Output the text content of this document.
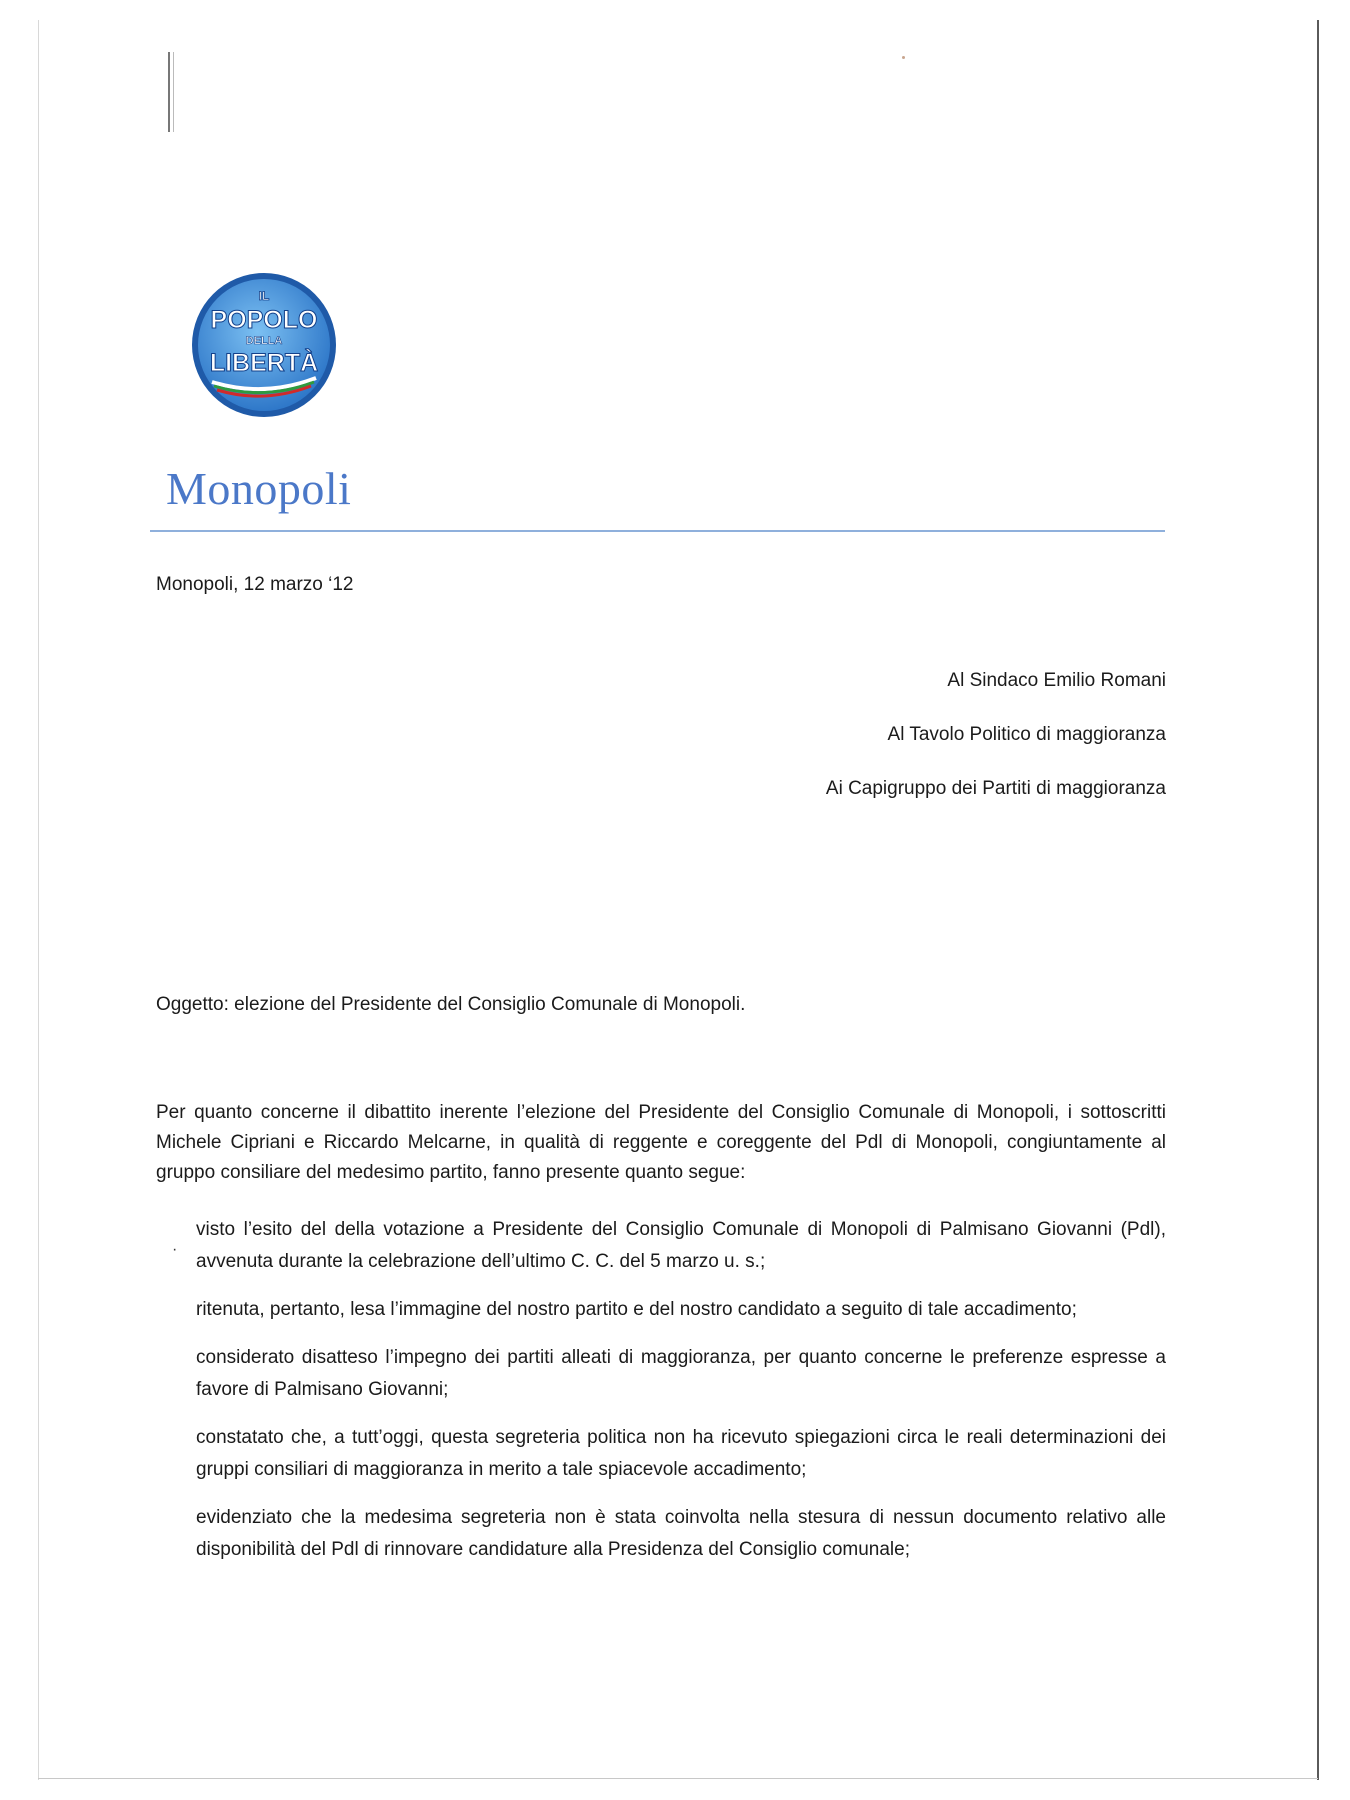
IL
POPOLO
DELLA
LIBERTÀ
Monopoli
Monopoli, 12 marzo ‘12
Al Sindaco Emilio Romani
Al Tavolo Politico di maggioranza
Ai Capigruppo dei Partiti di maggioranza
Oggetto: elezione del Presidente del Consiglio Comunale di Monopoli.
Per quanto concerne il dibattito inerente l’elezione del Presidente del Consiglio Comunale di Monopoli, i sottoscritti Michele Cipriani e Riccardo Melcarne, in qualità di reggente e coreggente del Pdl di Monopoli, congiuntamente al gruppo consiliare del medesimo partito, fanno presente quanto segue:
·
visto l’esito del della votazione a Presidente del Consiglio Comunale di Monopoli di Palmisano Giovanni (Pdl), avvenuta durante la celebrazione dell’ultimo C. C. del 5 marzo u. s.;
ritenuta, pertanto, lesa l’immagine del nostro partito e del nostro candidato a seguito di tale accadimento;
considerato disatteso l’impegno dei partiti alleati di maggioranza, per quanto concerne le preferenze espresse a favore di Palmisano Giovanni;
constatato che, a tutt’oggi, questa segreteria politica non ha ricevuto spiegazioni circa le reali determinazioni dei gruppi consiliari di maggioranza in merito a tale spiacevole accadimento;
evidenziato che la medesima segreteria non è stata coinvolta nella stesura di nessun documento relativo alle disponibilità del Pdl di rinnovare candidature alla Presidenza del Consiglio comunale;
